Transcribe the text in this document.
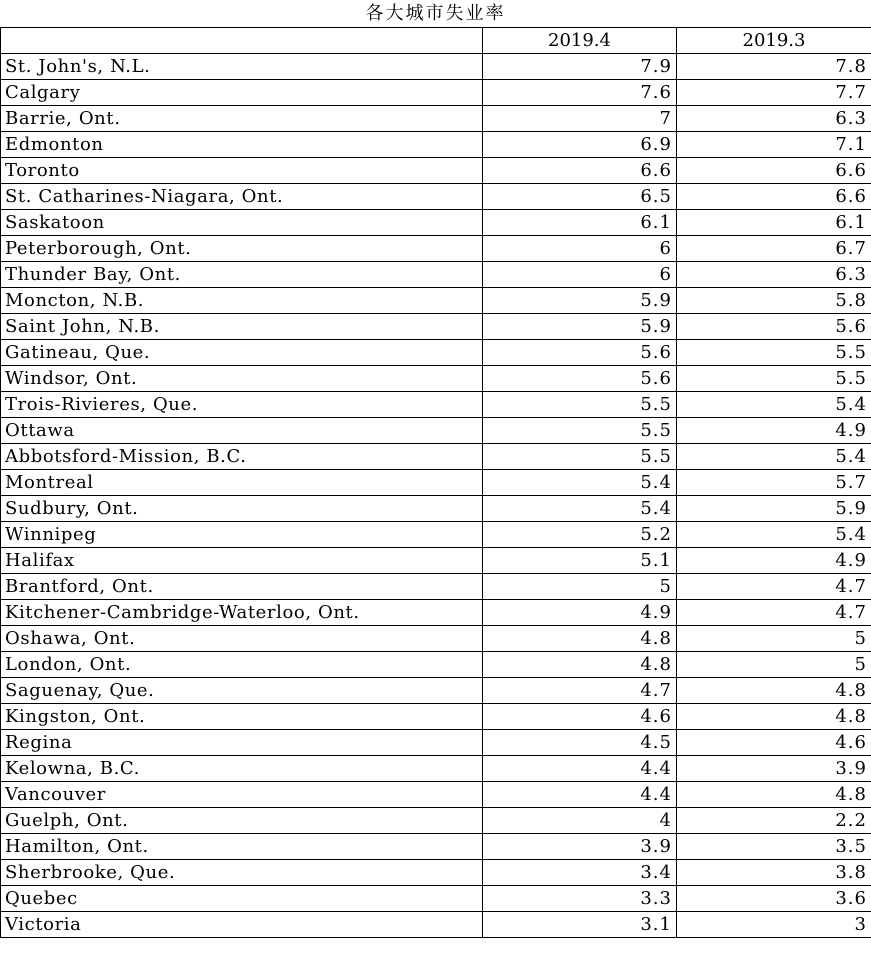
各大城市失业率
	2019.4	2019.3
St. John's, N.L.	7.9	7.8
Calgary	7.6	7.7
Barrie, Ont.	7	6.3
Edmonton	6.9	7.1
Toronto	6.6	6.6
St. Catharines-Niagara, Ont.	6.5	6.6
Saskatoon	6.1	6.1
Peterborough, Ont.	6	6.7
Thunder Bay, Ont.	6	6.3
Moncton, N.B.	5.9	5.8
Saint John, N.B.	5.9	5.6
Gatineau, Que.	5.6	5.5
Windsor, Ont.	5.6	5.5
Trois-Rivieres, Que.	5.5	5.4
Ottawa	5.5	4.9
Abbotsford-Mission, B.C.	5.5	5.4
Montreal	5.4	5.7
Sudbury, Ont.	5.4	5.9
Winnipeg	5.2	5.4
Halifax	5.1	4.9
Brantford, Ont.	5	4.7
Kitchener-Cambridge-Waterloo, Ont.	4.9	4.7
Oshawa, Ont.	4.8	5
London, Ont.	4.8	5
Saguenay, Que.	4.7	4.8
Kingston, Ont.	4.6	4.8
Regina	4.5	4.6
Kelowna, B.C.	4.4	3.9
Vancouver	4.4	4.8
Guelph, Ont.	4	2.2
Hamilton, Ont.	3.9	3.5
Sherbrooke, Que.	3.4	3.8
Quebec	3.3	3.6
Victoria	3.1	3
